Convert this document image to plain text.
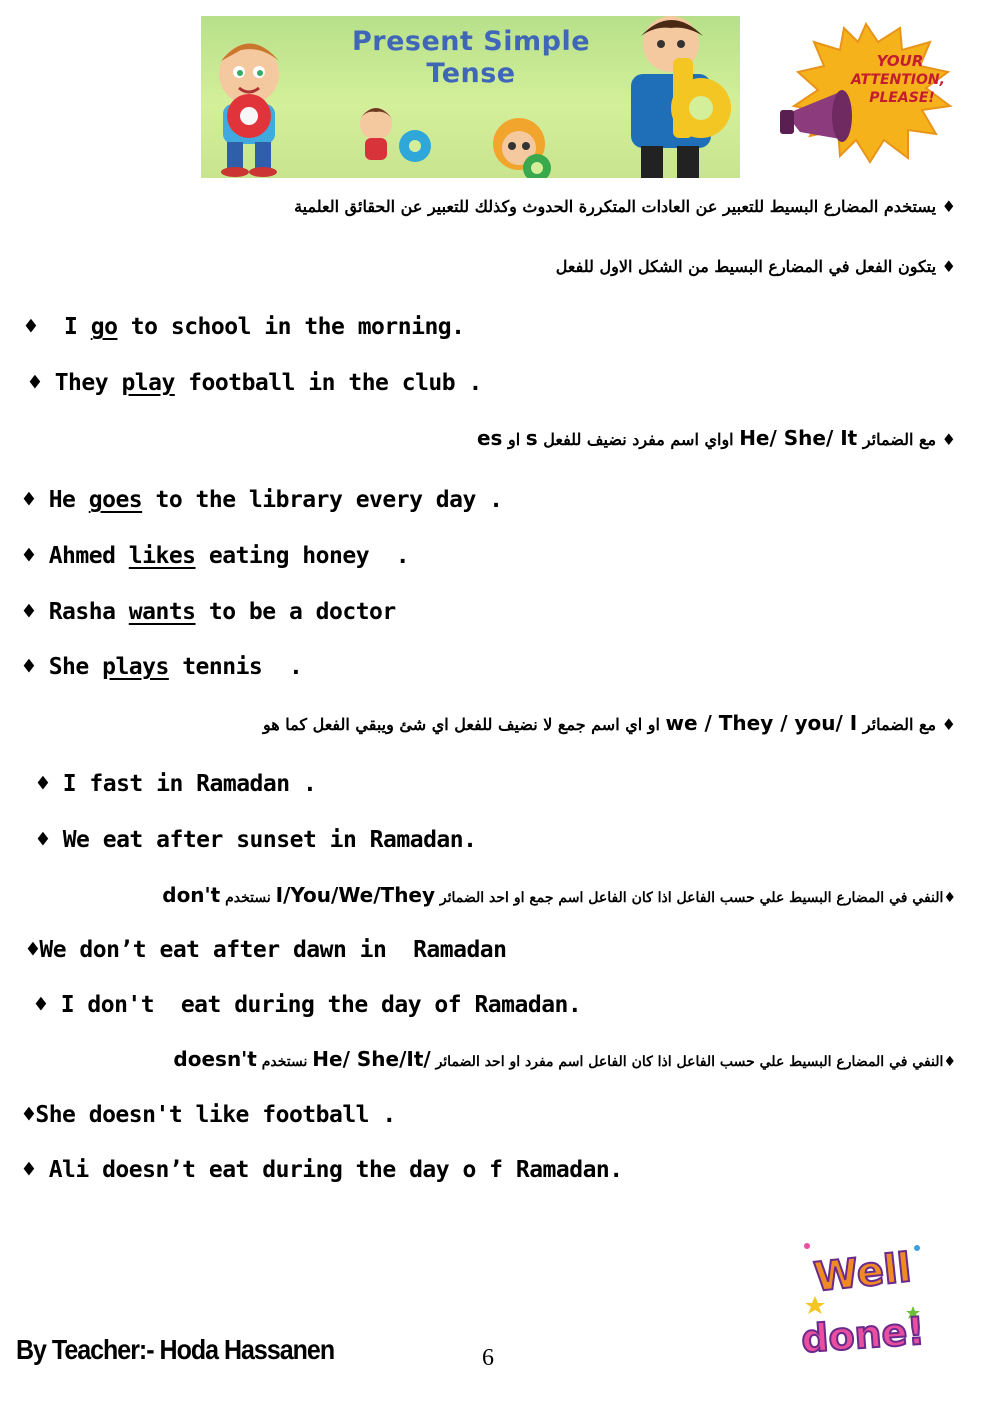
Present Simple
Tense	YOUR
ATTENTION,
PLEASE!
♦ يستخدم المضارع البسيط للتعبير عن العادات المتكررة الحدوث وكذلك للتعبير عن الحقائق العلمية
♦ يتكون الفعل في المضارع البسيط من الشكل الاول للفعل
♦  I go to school in the morning.
♦ They play football in the club .
♦ مع الضمائر He/ She/ It اواي اسم مفرد نضيف للفعل s او es
♦ He goes to the library every day .
♦ Ahmed likes eating honey  .
♦ Rasha wants to be a doctor
♦ She plays tennis  .
♦ مع الضمائر we / They / you/ I او اي اسم جمع لا نضيف للفعل اي شئ ويبقي الفعل كما هو
♦ I fast in Ramadan .
♦ We eat after sunset in Ramadan.
♦النفي في المضارع البسيط علي حسب الفاعل اذا كان الفاعل اسم جمع او احد الضمائر I/You/We/They نستخدم don't
♦We don’t eat after dawn in  Ramadan
♦ I don't  eat during the day of Ramadan.
♦النفي في المضارع البسيط علي حسب الفاعل اذا كان الفاعل اسم مفرد او احد الضمائر He/ She/It/ نستخدم doesn't
♦She doesn't like football .
♦ Ali doesn’t eat during the day o f Ramadan.
Well
done!
By Teacher:- Hoda Hassanen	6
